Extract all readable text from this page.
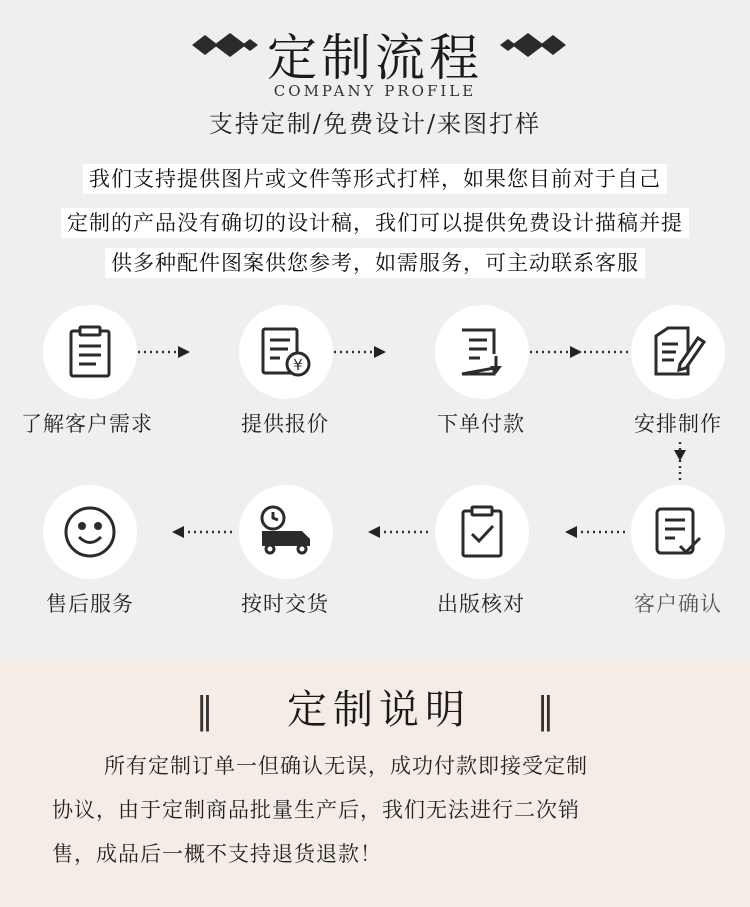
定制流程
COMPANY PROFILE
支持定制/免费设计/来图打样
我们支持提供图片或文件等形式打样，如果您目前对于自己
定制的产品没有确切的设计稿，我们可以提供免费设计描稿并提
供多种配件图案供您参考，如需服务，可主动联系客服
¥
了解客户需求	提供报价	下单付款	安排制作
售后服务	按时交货	出版核对	客户确认
‖ 定制说明 ‖
所有定制订单一但确认无误，成功付款即接受定制
协议，由于定制商品批量生产后，我们无法进行二次销
售，成品后一概不支持退货退款！
